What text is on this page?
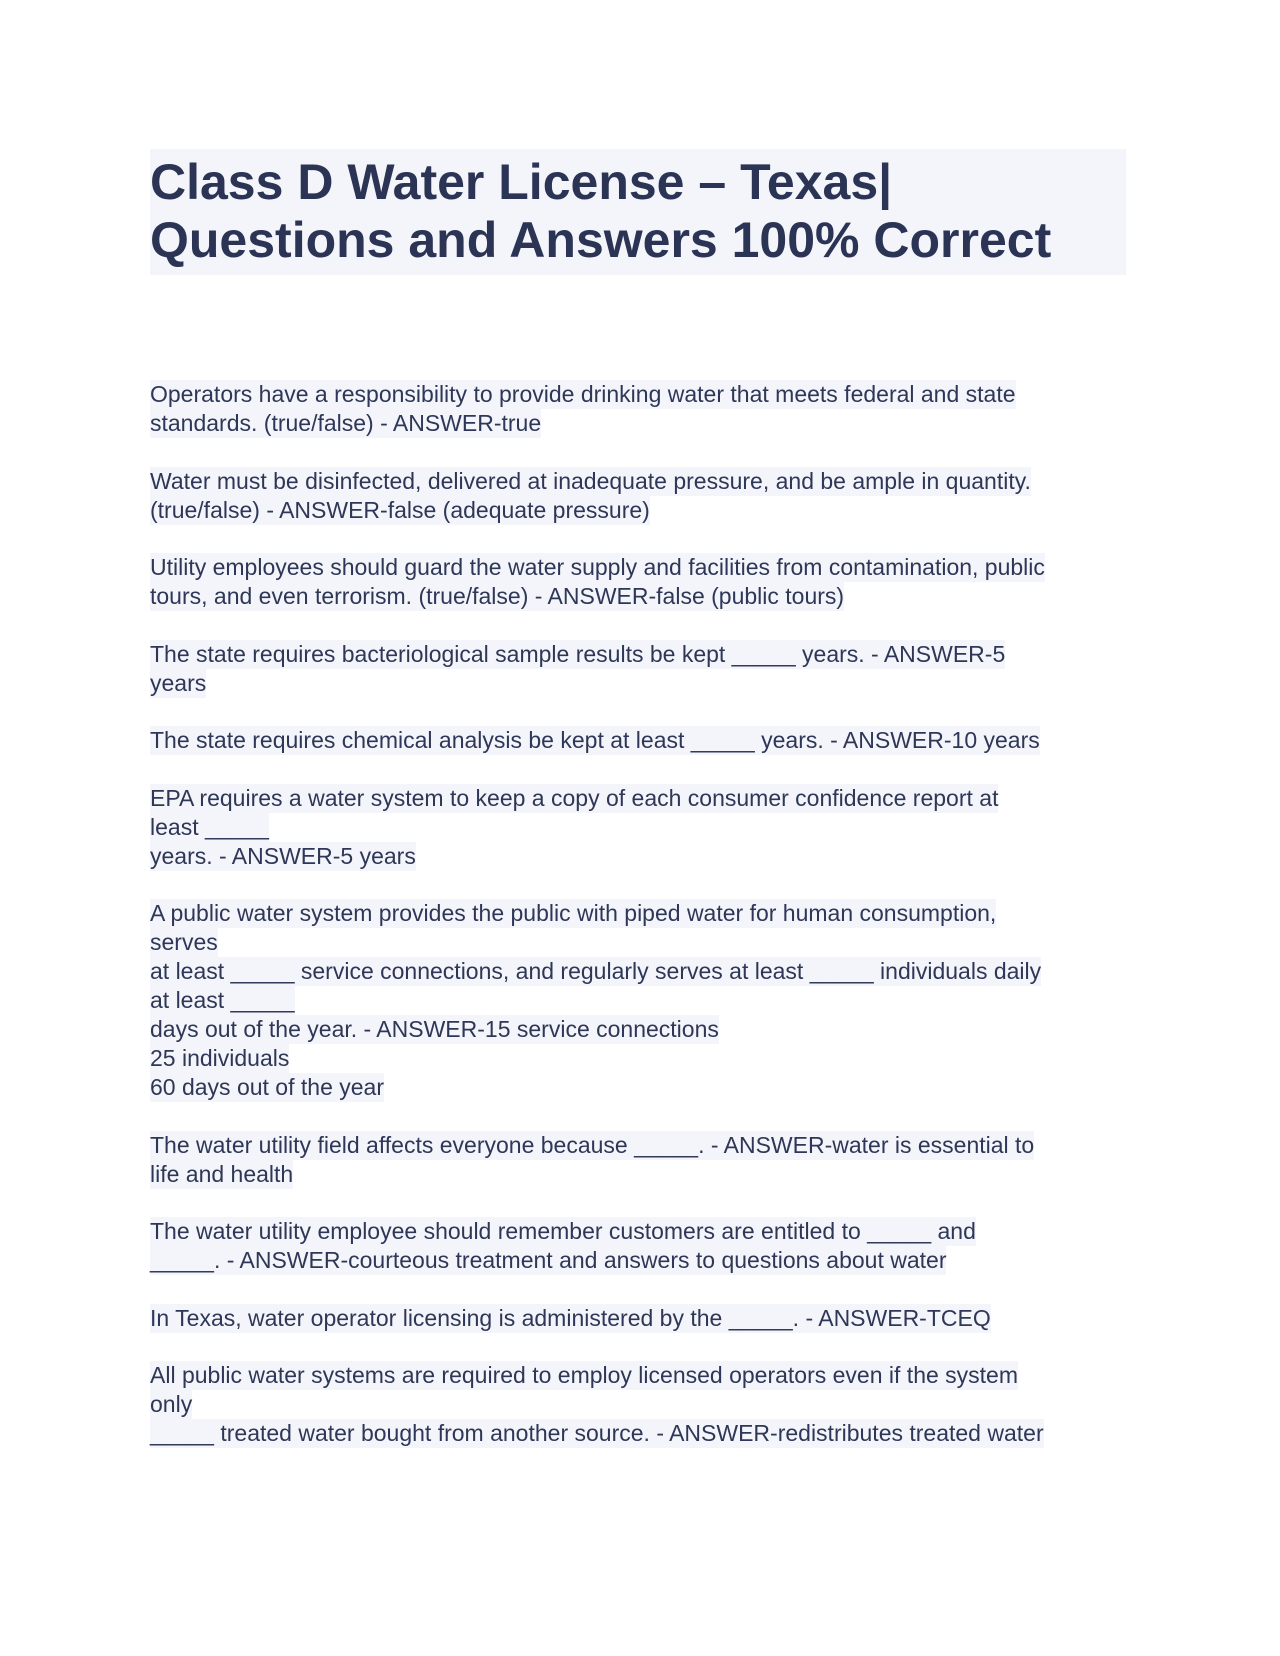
Class D Water License – Texas|
Questions and Answers 100% Correct
Operators have a responsibility to provide drinking water that meets federal and state
standards. (true/false) - ANSWER-true
Water must be disinfected, delivered at inadequate pressure, and be ample in quantity.
(true/false) - ANSWER-false (adequate pressure)
Utility employees should guard the water supply and facilities from contamination, public
tours, and even terrorism. (true/false) - ANSWER-false (public tours)
The state requires bacteriological sample results be kept _____ years. - ANSWER-5
years
The state requires chemical analysis be kept at least _____ years. - ANSWER-10 years
EPA requires a water system to keep a copy of each consumer confidence report at
least _____
years. - ANSWER-5 years
A public water system provides the public with piped water for human consumption,
serves
at least _____ service connections, and regularly serves at least _____ individuals daily
at least _____
days out of the year. - ANSWER-15 service connections
25 individuals
60 days out of the year
The water utility field affects everyone because _____. - ANSWER-water is essential to
life and health
The water utility employee should remember customers are entitled to _____ and
_____. - ANSWER-courteous treatment and answers to questions about water
In Texas, water operator licensing is administered by the _____. - ANSWER-TCEQ
All public water systems are required to employ licensed operators even if the system
only
_____ treated water bought from another source. - ANSWER-redistributes treated water
